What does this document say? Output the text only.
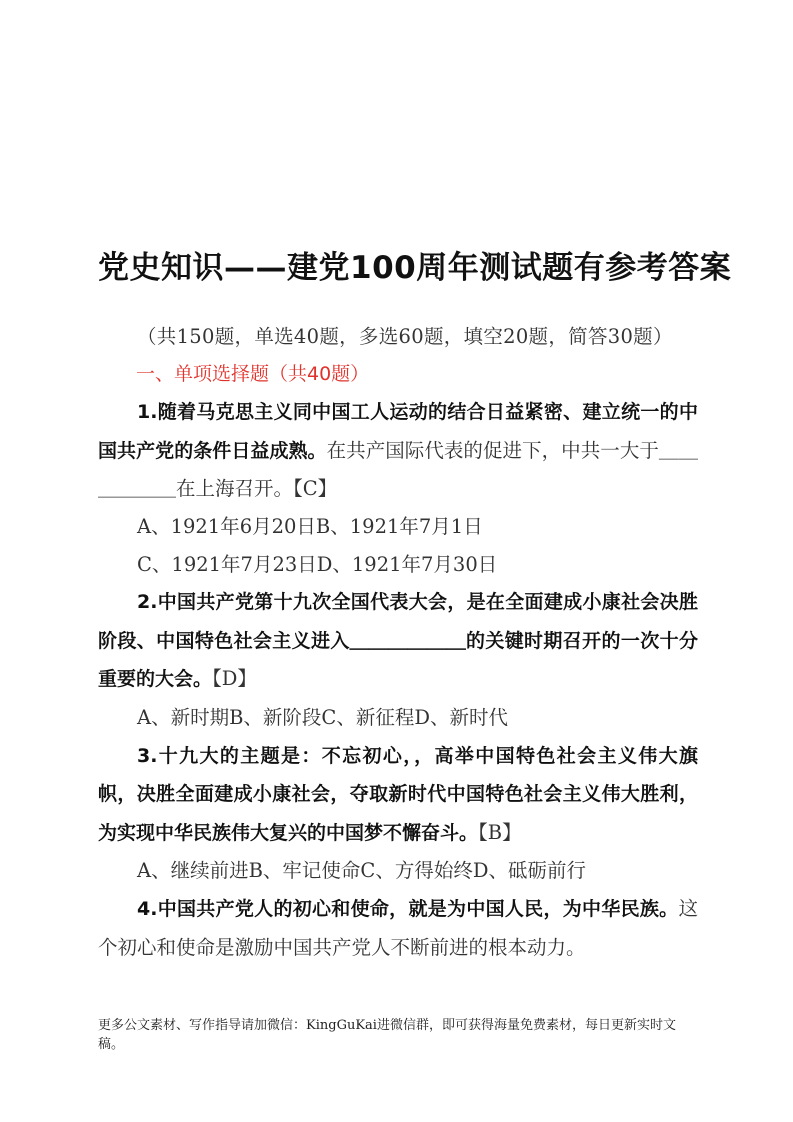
党史知识——建党100周年测试题有参考答案

（共150题，单选40题，多选60题，填空20题，简答30题）

一、单项选择题（共40题）

1.随着马克思主义同中国工人运动的结合日益紧密、建立统一的中国共产党的条件日益成熟。在共产国际代表的促进下，中共一大于＿＿＿＿＿＿在上海召开。【C】

A、1921年6月20日B、1921年7月1日

C、1921年7月23日D、1921年7月30日

2.中国共产党第十九次全国代表大会，是在全面建成小康社会决胜阶段、中国特色社会主义进入＿＿＿＿＿＿的关键时期召开的一次十分重要的大会。【D】

A、新时期B、新阶段C、新征程D、新时代

3.十九大的主题是：不忘初心，，高举中国特色社会主义伟大旗帜，决胜全面建成小康社会，夺取新时代中国特色社会主义伟大胜利，为实现中华民族伟大复兴的中国梦不懈奋斗。【B】

A、继续前进B、牢记使命C、方得始终D、砥砺前行

4.中国共产党人的初心和使命，就是为中国人民，为中华民族。这个初心和使命是激励中国共产党人不断前进的根本动力。

更多公文素材、写作指导请加微信：KingGuKai进微信群，即可获得海量免费素材，每日更新实时文稿。
